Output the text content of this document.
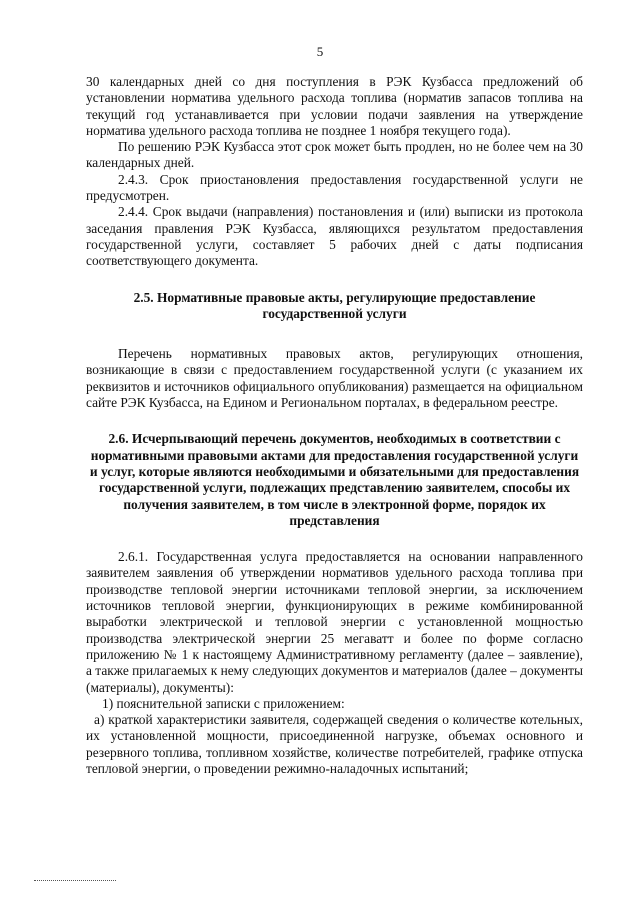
5

30 календарных дней со дня поступления в РЭК Кузбасса предложений об установлении норматива удельного расхода топлива (норматив запасов топлива на текущий год устанавливается при условии подачи заявления на утверждение норматива удельного расхода топлива не позднее 1 ноября текущего года).

По решению РЭК Кузбасса этот срок может быть продлен, но не более чем на 30 календарных дней.

2.4.3. Срок приостановления предоставления государственной услуги не предусмотрен.

2.4.4. Срок выдачи (направления) постановления и (или) выписки из протокола заседания правления РЭК Кузбасса, являющихся результатом предоставления государственной услуги, составляет 5 рабочих дней с даты подписания соответствующего документа.

2.5. Нормативные правовые акты, регулирующие предоставление государственной услуги

Перечень нормативных правовых актов, регулирующих отношения, возникающие в связи с предоставлением государственной услуги (с указанием их реквизитов и источников официального опубликования) размещается на официальном сайте РЭК Кузбасса, на Едином и Региональном порталах, в федеральном реестре.

2.6. Исчерпывающий перечень документов, необходимых в соответствии с нормативными правовыми актами для предоставления государственной услуги и услуг, которые являются необходимыми и обязательными для предоставления государственной услуги, подлежащих представлению заявителем, способы их получения заявителем, в том числе в электронной форме, порядок их представления

2.6.1. Государственная услуга предоставляется на основании направленного заявителем заявления об утверждении нормативов удельного расхода топлива при производстве тепловой энергии источниками тепловой энергии, за исключением источников тепловой энергии, функционирующих в режиме комбинированной выработки электрической и тепловой энергии с установленной мощностью производства электрической энергии 25 мегаватт и более по форме согласно приложению № 1 к настоящему Административному регламенту (далее – заявление), а также прилагаемых к нему следующих документов и материалов (далее – документы (материалы), документы):

1) пояснительной записки с приложением:

а) краткой характеристики заявителя, содержащей сведения о количестве котельных, их установленной мощности, присоединенной нагрузке, объемах основного и резервного топлива, топливном хозяйстве, количестве потребителей, графике отпуска тепловой энергии, о проведении режимно-наладочных испытаний;
